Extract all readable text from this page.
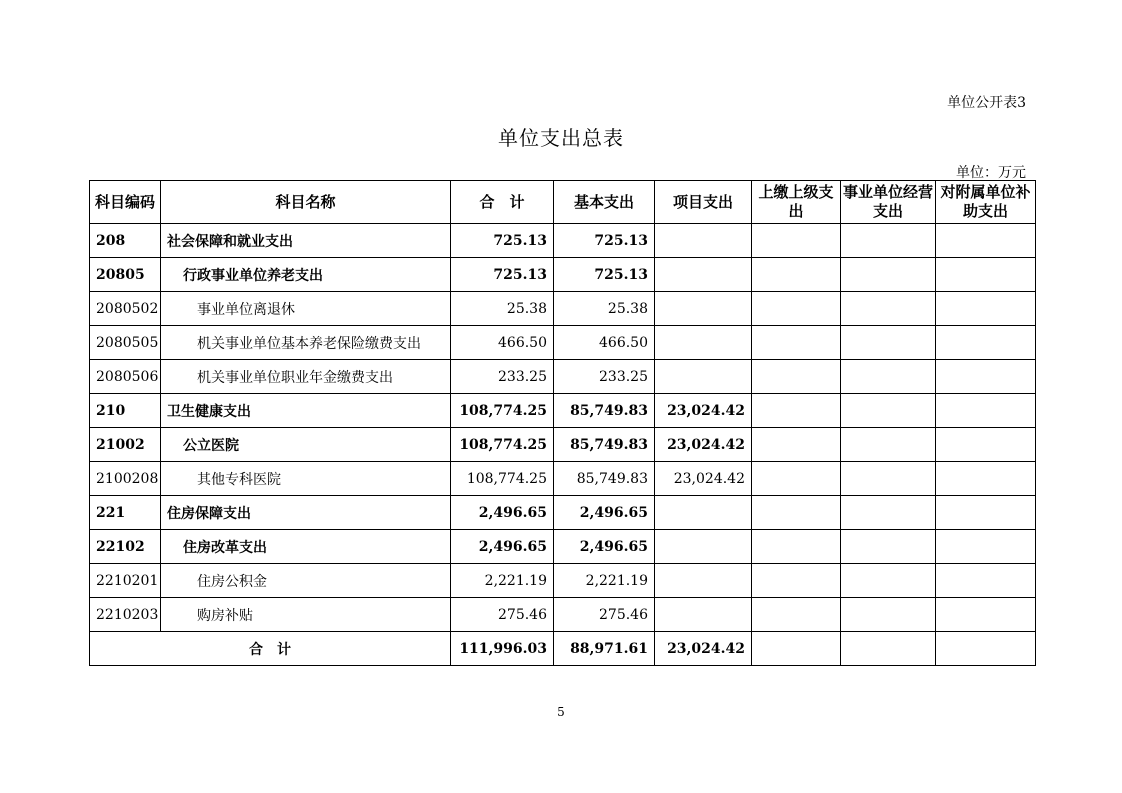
单位公开表3
单位支出总表
单位：万元
科目编码	科目名称	合　计	基本支出	项目支出	上缴上级支出	事业单位经营支出	对附属单位补助支出
208	社会保障和就业支出	725.13	725.13				
20805	行政事业单位养老支出	725.13	725.13				
2080502	事业单位离退休	25.38	25.38				
2080505	机关事业单位基本养老保险缴费支出	466.50	466.50				
2080506	机关事业单位职业年金缴费支出	233.25	233.25				
210	卫生健康支出	108,774.25	85,749.83	23,024.42			
21002	公立医院	108,774.25	85,749.83	23,024.42			
2100208	其他专科医院	108,774.25	85,749.83	23,024.42			
221	住房保障支出	2,496.65	2,496.65				
22102	住房改革支出	2,496.65	2,496.65				
2210201	住房公积金	2,221.19	2,221.19				
2210203	购房补贴	275.46	275.46				
合　计		111,996.03	88,971.61	23,024.42			
5
